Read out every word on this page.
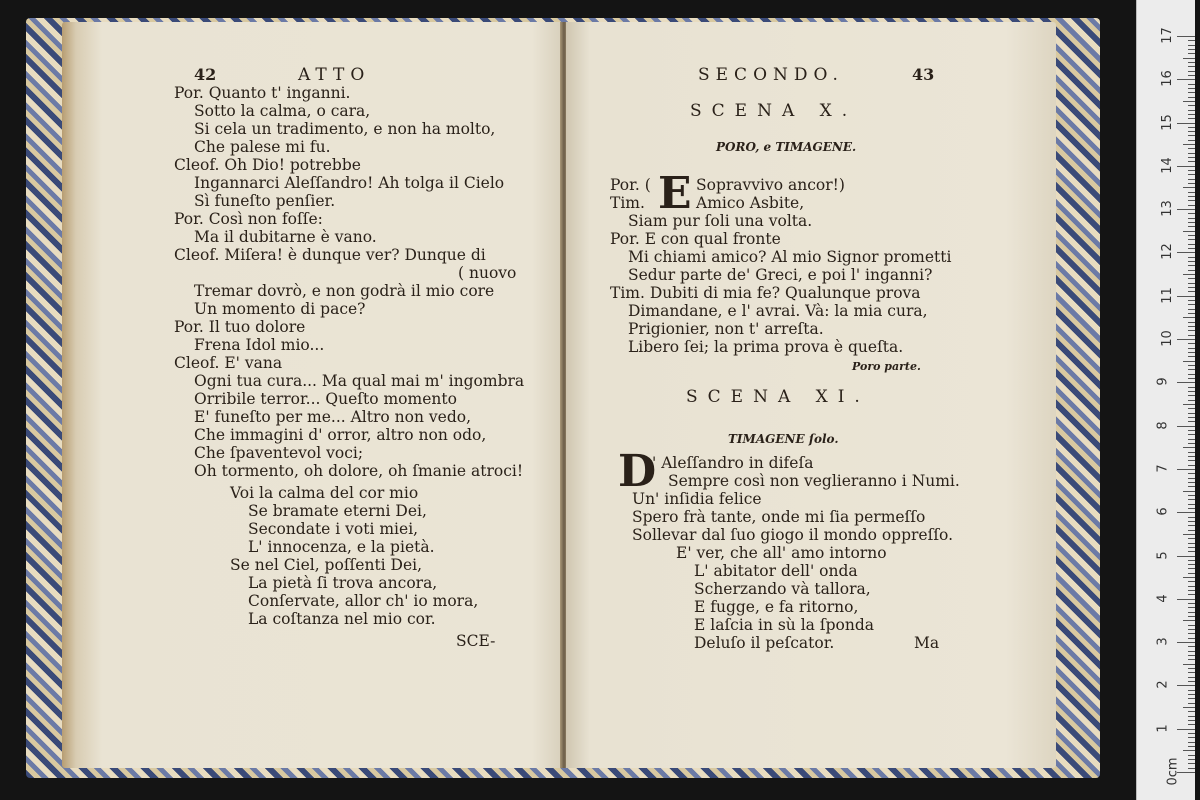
42	ATTO
Por. Quanto t' inganni.
Sotto la calma, o cara,
Si cela un tradimento, e non ha molto,
Che palese mi fu.
Cleof. Oh Dio! potrebbe
Ingannarci Aleſſandro! Ah tolga il Cielo
Sì funeſto penſier.
Por. Così non foſſe:
Ma il dubitarne è vano.
Cleof. Miſera! è dunque ver? Dunque di
( nuovo
Tremar dovrò, e non godrà il mio core
Un momento di pace?
Por. Il tuo dolore
Frena Idol mio...
Cleof. E' vana
Ogni tua cura... Ma qual mai m' ingombra
Orribile terror... Queſto momento
E' funeſto per me... Altro non vedo,
Che immagini d' orror, altro non odo,
Che ſpaventevol voci;
Oh tormento, oh dolore, oh ſmanie atroci!
Voi la calma del cor mio
Se bramate eterni Dei,
Secondate i voti miei,
L' innocenza, e la pietà.
Se nel Ciel, poſſenti Dei,
La pietà ſi trova ancora,
Conſervate, allor ch' io mora,
La coſtanza nel mio cor.
SCE-
SECONDO.	43
SCENA X.
PORO, e TIMAGENE.
Por. ( E Sopravvivo ancor!)
Tim.	Amico Asbite,
Siam pur ſoli una volta.
Por. E con qual fronte
Mi chiami amico? Al mio Signor prometti
Sedur parte de' Greci, e poi l' inganni?
Tim. Dubiti di mia fe? Qualunque prova
Dimandane, e l' avrai. Và: la mia cura,
Prigionier, non t' arreſta.
Libero ſei; la prima prova è queſta.
Poro parte.
SCENA XI.
TIMAGENE ſolo.
D
' Aleſſandro in difeſa
Sempre così non veglieranno i Numi.
Un' inſidia felice
Spero frà tante, onde mi ſia permeſſo
Sollevar dal ſuo giogo il mondo oppreſſo.
E' ver, che all' amo intorno
L' abitator dell' onda
Scherzando và tallora,
E fugge, e fa ritorno,
E laſcia in sù la ſponda
Deluſo il peſcator.	Ma
0cm
1
2
3
4
5
6
7
8
9
10
11
12
13
14
15
16
17
